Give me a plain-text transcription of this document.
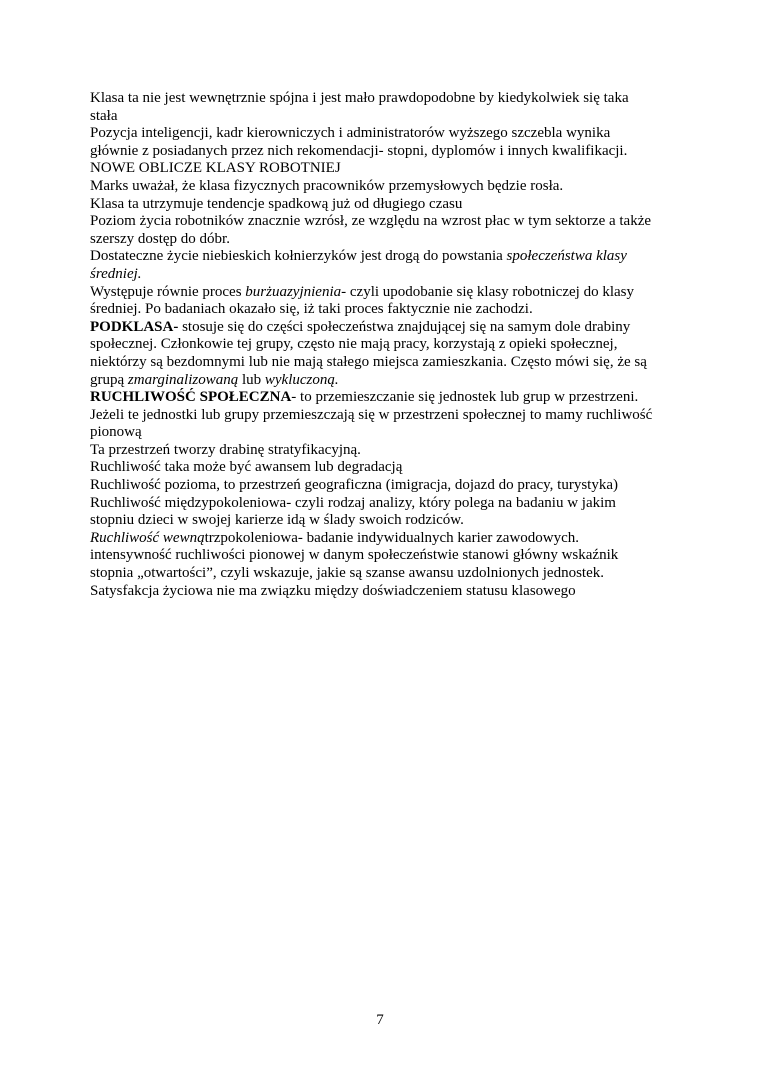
Klasa ta nie jest wewnętrznie spójna i jest mało prawdopodobne by kiedykolwiek się taka
stała
Pozycja inteligencji, kadr kierowniczych i administratorów wyższego szczebla wynika
głównie z posiadanych przez nich rekomendacji- stopni, dyplomów i innych kwalifikacji.
NOWE OBLICZE KLASY ROBOTNIEJ
Marks uważał, że klasa fizycznych pracowników przemysłowych będzie rosła.
Klasa ta utrzymuje tendencje spadkową już od długiego czasu
Poziom życia robotników znacznie wzrósł, ze względu na wzrost płac w tym sektorze a także
szerszy dostęp do dóbr.
Dostateczne życie niebieskich kołnierzyków jest drogą do powstania społeczeństwa klasy
średniej.
Występuje równie proces burżuazyjnienia- czyli upodobanie się klasy robotniczej do klasy
średniej. Po badaniach okazało się, iż taki proces faktycznie nie zachodzi.
PODKLASA- stosuje się do części społeczeństwa znajdującej się na samym dole drabiny
społecznej. Członkowie tej grupy, często nie mają pracy, korzystają z opieki społecznej,
niektórzy są bezdomnymi lub nie mają stałego miejsca zamieszkania. Często mówi się, że są
grupą zmarginalizowaną lub wykluczoną.
RUCHLIWOŚĆ SPOŁECZNA- to przemieszczanie się jednostek lub grup w przestrzeni.
Jeżeli te jednostki lub grupy przemieszczają się w przestrzeni społecznej to mamy ruchliwość
pionową
Ta przestrzeń tworzy drabinę stratyfikacyjną.
Ruchliwość taka może być awansem lub degradacją
Ruchliwość pozioma, to przestrzeń geograficzna (imigracja, dojazd do pracy, turystyka)
Ruchliwość międzypokoleniowa- czyli rodzaj analizy, który polega na badaniu w jakim
stopniu dzieci w swojej karierze idą w ślady swoich rodziców.
Ruchliwość wewnątrzpokoleniowa- badanie indywidualnych karier zawodowych.
intensywność ruchliwości pionowej w danym społeczeństwie stanowi główny wskaźnik
stopnia „otwartości”, czyli wskazuje, jakie są szanse awansu uzdolnionych jednostek.
Satysfakcja życiowa nie ma związku między doświadczeniem statusu klasowego
7
